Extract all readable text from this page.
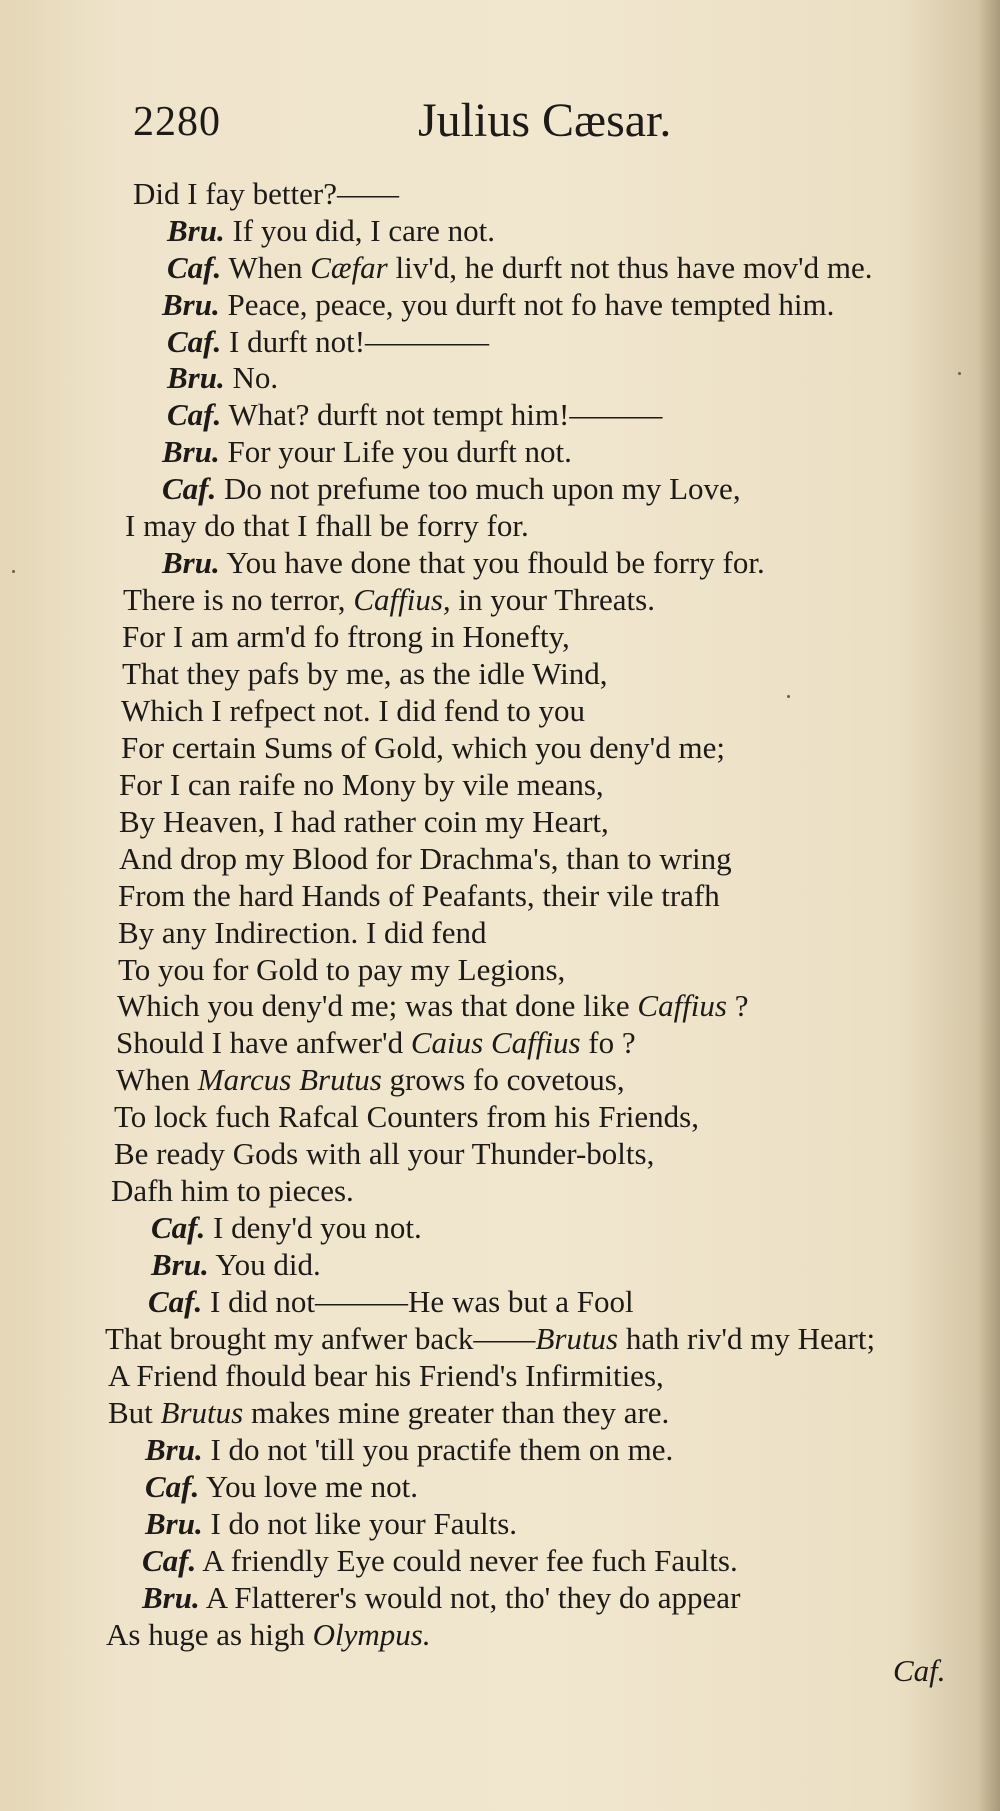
2280	Julius Cæsar.
Did I fay better?——
Bru. If you did, I care not.
Caf. When Cæfar liv'd, he durft not thus have mov'd me.
Bru. Peace, peace, you durft not fo have tempted him.
Caf. I durft not!————
Bru. No.
Caf. What? durft not tempt him!———
Bru. For your Life you durft not.
Caf. Do not prefume too much upon my Love,
I may do that I fhall be forry for.
Bru. You have done that you fhould be forry for.
There is no terror, Caffius, in your Threats.
For I am arm'd fo ftrong in Honefty,
That they pafs by me, as the idle Wind,
Which I refpect not. I did fend to you
For certain Sums of Gold, which you deny'd me;
For I can raife no Mony by vile means,
By Heaven, I had rather coin my Heart,
And drop my Blood for Drachma's, than to wring
From the hard Hands of Peafants, their vile trafh
By any Indirection. I did fend
To you for Gold to pay my Legions,
Which you deny'd me; was that done like Caffius ?
Should I have anfwer'd Caius Caffius fo ?
When Marcus Brutus grows fo covetous,
To lock fuch Rafcal Counters from his Friends,
Be ready Gods with all your Thunder-bolts,
Dafh him to pieces.
Caf. I deny'd you not.
Bru. You did.
Caf. I did not———He was but a Fool
That brought my anfwer back——Brutus hath riv'd my Heart;
A Friend fhould bear his Friend's Infirmities,
But Brutus makes mine greater than they are.
Bru. I do not 'till you practife them on me.
Caf. You love me not.
Bru. I do not like your Faults.
Caf. A friendly Eye could never fee fuch Faults.
Bru. A Flatterer's would not, tho' they do appear
As huge as high Olympus.
Caf.
